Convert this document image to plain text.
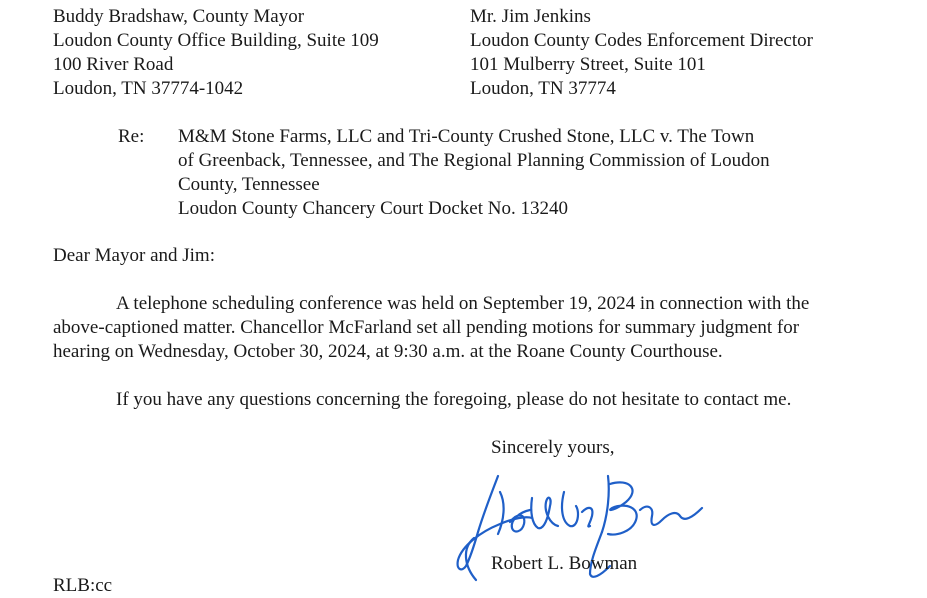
Buddy Bradshaw, County Mayor
Loudon County Office Building, Suite 109
100 River Road
Loudon, TN 37774-1042
Mr. Jim Jenkins
Loudon County Codes Enforcement Director
101 Mulberry Street, Suite 101
Loudon, TN 37774
Re: M&M Stone Farms, LLC and Tri-County Crushed Stone, LLC v. The Town
of Greenback, Tennessee, and The Regional Planning Commission of Loudon
County, Tennessee
Loudon County Chancery Court Docket No. 13240
Dear Mayor and Jim:
A telephone scheduling conference was held on September 19, 2024 in connection with the
above-captioned matter. Chancellor McFarland set all pending motions for summary judgment for
hearing on Wednesday, October 30, 2024, at 9:30 a.m. at the Roane County Courthouse.
If you have any questions concerning the foregoing, please do not hesitate to contact me.
Sincerely yours,
Robert L. Bowman
RLB:cc
